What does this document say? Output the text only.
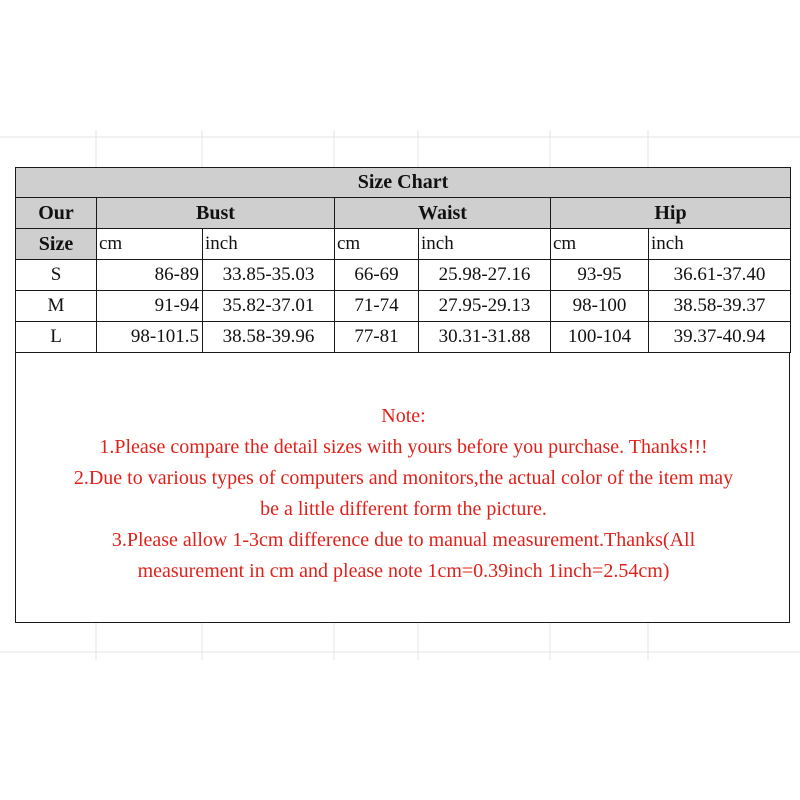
Size Chart						
Our	Bust		Waist		Hip	
Size	cm	inch	cm	inch	cm	inch
S	86-89	33.85-35.03	66-69	25.98-27.16	93-95	36.61-37.40
M	91-94	35.82-37.01	71-74	27.95-29.13	98-100	38.58-39.37
L	98-101.5	38.58-39.96	77-81	30.31-31.88	100-104	39.37-40.94
Note:
1.Please compare the detail sizes with yours before you purchase. Thanks!!!
2.Due to various types of computers and monitors,the actual color of the item may
be a little different form the picture.
3.Please allow 1-3cm difference due to manual measurement.Thanks(All
measurement in cm and please note 1cm=0.39inch 1inch=2.54cm)
